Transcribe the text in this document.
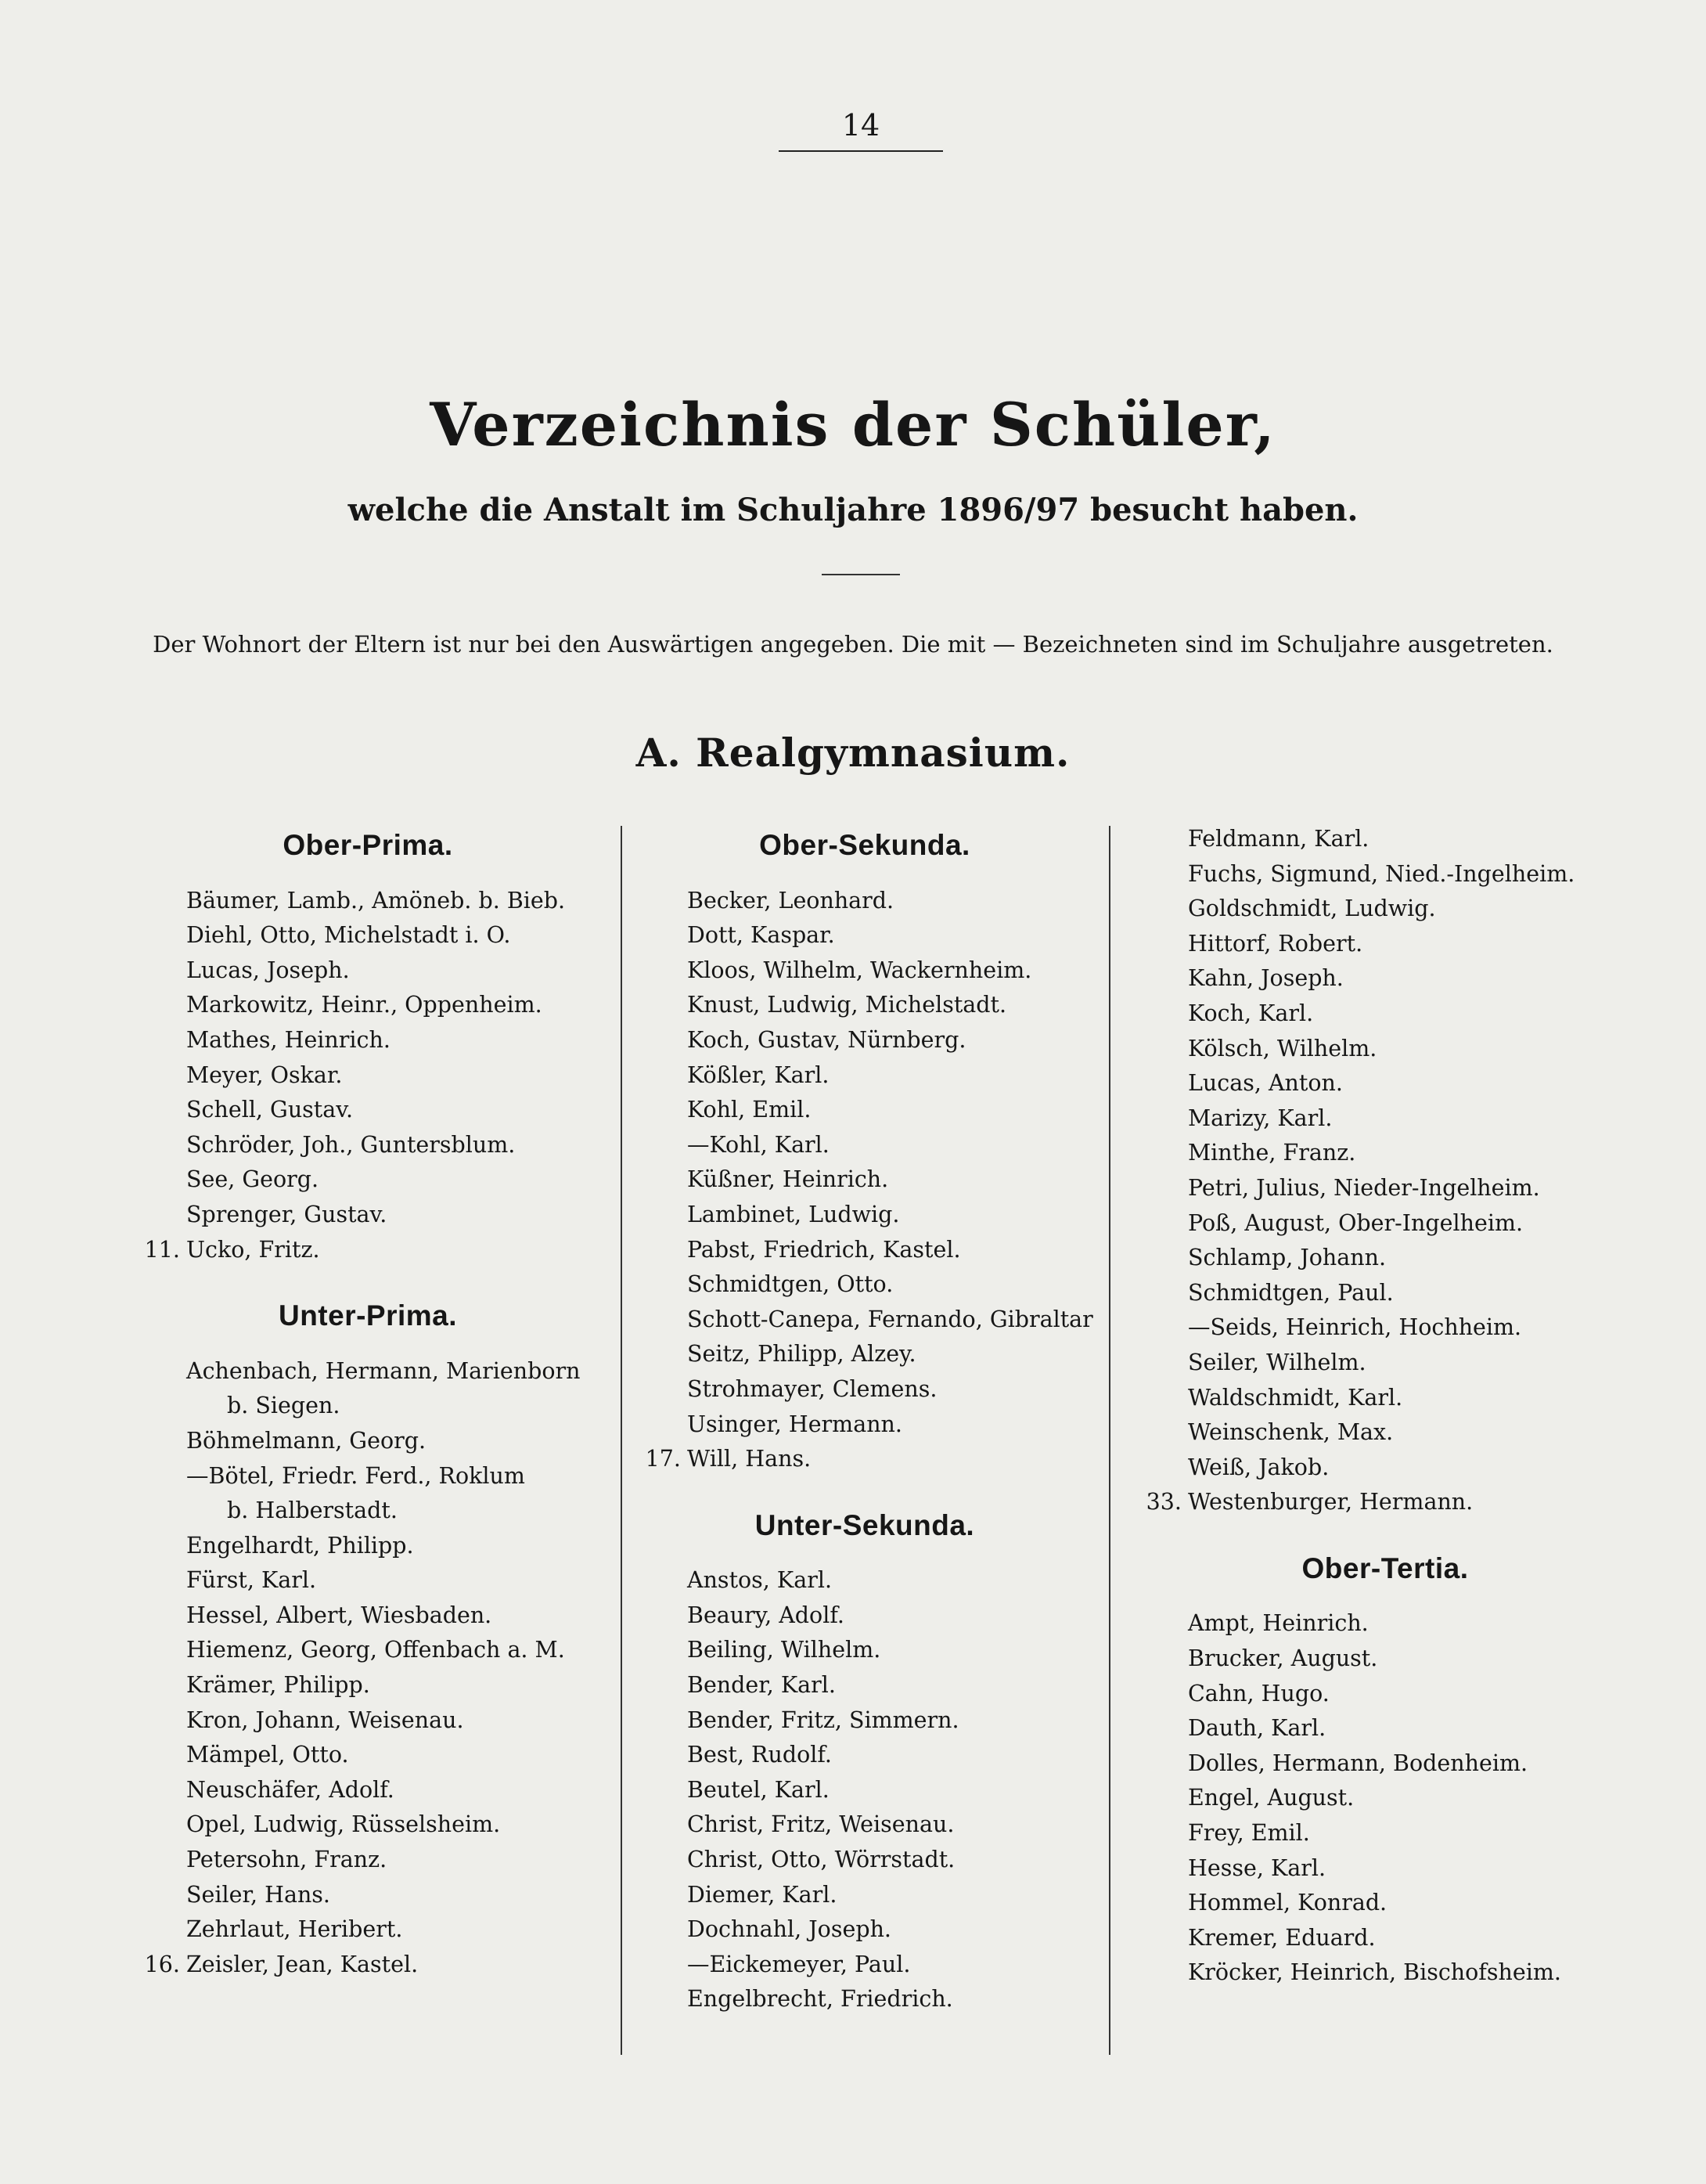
14
Verzeichnis der Schüler,
welche die Anstalt im Schuljahre 1896/97 besucht haben.
Der Wohnort der Eltern ist nur bei den Auswärtigen angegeben. Die mit — Bezeichneten sind im Schuljahre ausgetreten.
A. Realgymnasium.
Ober-Prima.
Bäumer, Lamb., Amöneb. b. Bieb.
Diehl, Otto, Michelstadt i. O.
Lucas, Joseph.
Markowitz, Heinr., Oppenheim.
Mathes, Heinrich.
Meyer, Oskar.
Schell, Gustav.
Schröder, Joh., Guntersblum.
See, Georg.
Sprenger, Gustav.
11. Ucko, Fritz.
Unter-Prima.
Achenbach, Hermann, Marienborn
b. Siegen.
Böhmelmann, Georg.
—Bötel, Friedr. Ferd., Roklum
b. Halberstadt.
Engelhardt, Philipp.
Fürst, Karl.
Hessel, Albert, Wiesbaden.
Hiemenz, Georg, Offenbach a. M.
Krämer, Philipp.
Kron, Johann, Weisenau.
Mämpel, Otto.
Neuschäfer, Adolf.
Opel, Ludwig, Rüsselsheim.
Petersohn, Franz.
Seiler, Hans.
Zehrlaut, Heribert.
16. Zeisler, Jean, Kastel.
Ober-Sekunda.
Becker, Leonhard.
Dott, Kaspar.
Kloos, Wilhelm, Wackernheim.
Knust, Ludwig, Michelstadt.
Koch, Gustav, Nürnberg.
Kößler, Karl.
Kohl, Emil.
—Kohl, Karl.
Küßner, Heinrich.
Lambinet, Ludwig.
Pabst, Friedrich, Kastel.
Schmidtgen, Otto.
Schott-Canepa, Fernando, Gibraltar
Seitz, Philipp, Alzey.
Strohmayer, Clemens.
Usinger, Hermann.
17. Will, Hans.
Unter-Sekunda.
Anstos, Karl.
Beaury, Adolf.
Beiling, Wilhelm.
Bender, Karl.
Bender, Fritz, Simmern.
Best, Rudolf.
Beutel, Karl.
Christ, Fritz, Weisenau.
Christ, Otto, Wörrstadt.
Diemer, Karl.
Dochnahl, Joseph.
—Eickemeyer, Paul.
Engelbrecht, Friedrich.
Feldmann, Karl.
Fuchs, Sigmund, Nied.-Ingelheim.
Goldschmidt, Ludwig.
Hittorf, Robert.
Kahn, Joseph.
Koch, Karl.
Kölsch, Wilhelm.
Lucas, Anton.
Marizy, Karl.
Minthe, Franz.
Petri, Julius, Nieder-Ingelheim.
Poß, August, Ober-Ingelheim.
Schlamp, Johann.
Schmidtgen, Paul.
—Seids, Heinrich, Hochheim.
Seiler, Wilhelm.
Waldschmidt, Karl.
Weinschenk, Max.
Weiß, Jakob.
33. Westenburger, Hermann.
Ober-Tertia.
Ampt, Heinrich.
Brucker, August.
Cahn, Hugo.
Dauth, Karl.
Dolles, Hermann, Bodenheim.
Engel, August.
Frey, Emil.
Hesse, Karl.
Hommel, Konrad.
Kremer, Eduard.
Kröcker, Heinrich, Bischofsheim.
